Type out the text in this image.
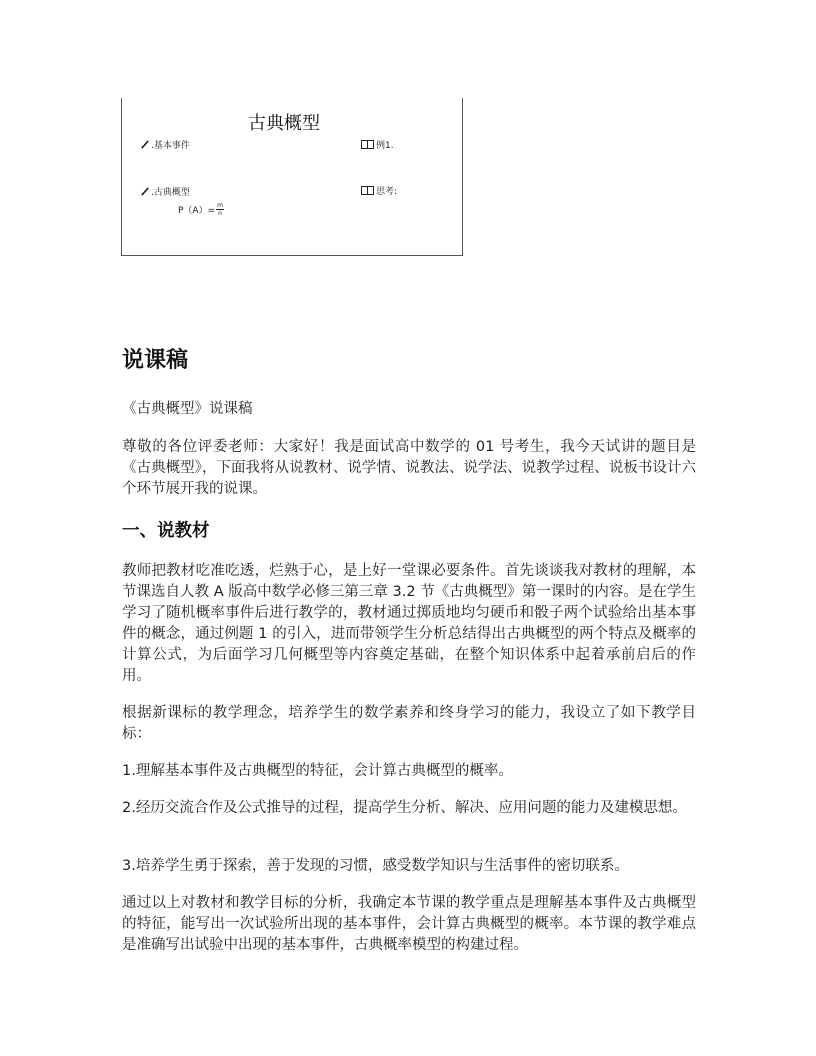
古典概型
.基本事件	例1.
.古典概型	思考:
$P(A)= \frac{m}{n}$
说课稿

《古典概型》说课稿

尊敬的各位评委老师：大家好！我是面试高中数学的 01 号考生，我今天试讲的题目是《古典概型》，下面我将从说教材、说学情、说教法、说学法、说教学过程、说板书设计六个环节展开我的说课。

一、说教材

教师把教材吃准吃透，烂熟于心，是上好一堂课必要条件。首先谈谈我对教材的理解，本节课选自人教 A 版高中数学必修三第三章 3.2 节《古典概型》第一课时的内容。是在学生学习了随机概率事件后进行教学的，教材通过掷质地均匀硬币和骰子两个试验给出基本事件的概念，通过例题 1 的引入，进而带领学生分析总结得出古典概型的两个特点及概率的计算公式，为后面学习几何概型等内容奠定基础，在整个知识体系中起着承前启后的作用。

根据新课标的教学理念，培养学生的数学素养和终身学习的能力，我设立了如下教学目标：

1.理解基本事件及古典概型的特征，会计算古典概型的概率。

2.经历交流合作及公式推导的过程，提高学生分析、解决、应用问题的能力及建模思想。

3.培养学生勇于探索，善于发现的习惯，感受数学知识与生活事件的密切联系。

通过以上对教材和教学目标的分析，我确定本节课的教学重点是理解基本事件及古典概型的特征，能写出一次试验所出现的基本事件，会计算古典概型的概率。本节课的教学难点是准确写出试验中出现的基本事件，古典概率模型的构建过程。
